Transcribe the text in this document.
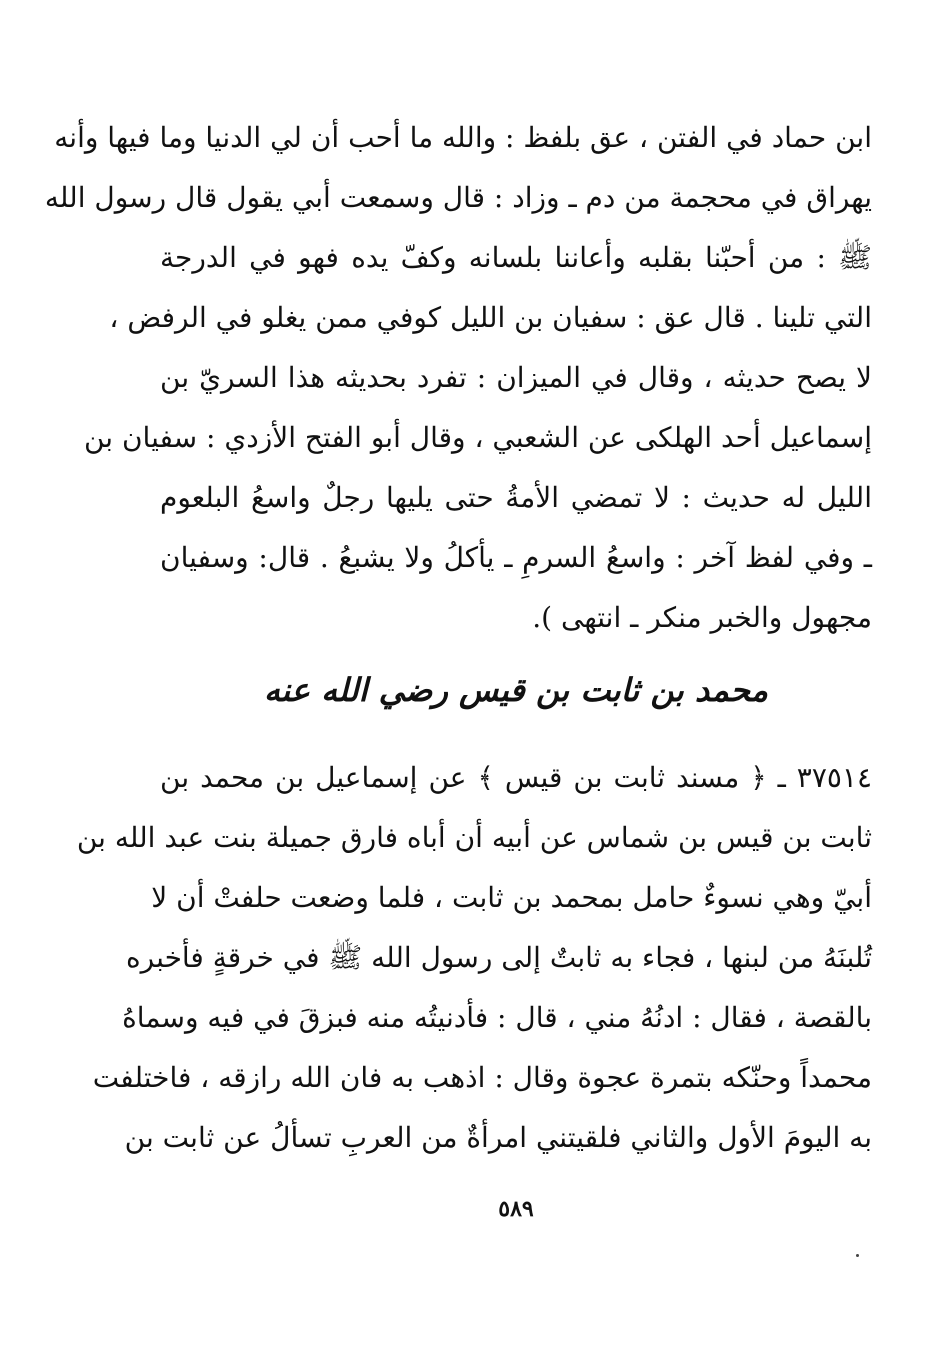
ابن حماد في الفتن ، عق بلفظ : والله ما أحب أن لي الدنيا وما فيها وأنه
يهراق في محجمة من دم ـ وزاد : قال وسمعت أبي يقول قال رسول الله
ﷺ : من أحبّنا بقلبه وأعاننا بلسانه وكفّ يده فهو في الدرجة
التي تلينا . قال عق : سفيان بن الليل كوفي ممن يغلو في الرفض ،
لا يصح حديثه ، وقال في الميزان : تفرد بحديثه هذا السريّ بن
إسماعيل أحد الهلكى عن الشعبي ، وقال أبو الفتح الأزدي : سفيان بن
الليل له حديث : لا تمضي الأمةُ حتى يليها رجلٌ واسعُ البلعوم
ـ وفي لفظ آخر : واسعُ السرمِ ـ يأكلُ ولا يشبعُ . قال: وسفيان
مجهول والخبر منكر ـ انتهى ).
محمد بن ثابت بن قيس رضي الله عنه
٣٧٥١٤ ـ ﴿ مسند ثابت بن قيس ﴾ عن إسماعيل بن محمد بن
ثابت بن قيس بن شماس عن أبيه أن أباه فارق جميلة بنت عبد الله بن
أبيّ وهي نسوءٌ حامل بمحمد بن ثابت ، فلما وضعت حلفتْ أن لا
تُلبنَهُ من لبنها ، فجاء به ثابتٌ إلى رسول الله ﷺ في خرقةٍ فأخبره
بالقصة ، فقال : ادنُهُ مني ، قال : فأدنيتُه منه فبزقَ في فيه وسماهُ
محمداً وحنّكه بتمرة عجوة وقال : اذهب به فان الله رازقه ، فاختلفت
به اليومَ الأول والثاني فلقيتني امرأةٌ من العربِ تسألُ عن ثابت بن
٥٨٩
